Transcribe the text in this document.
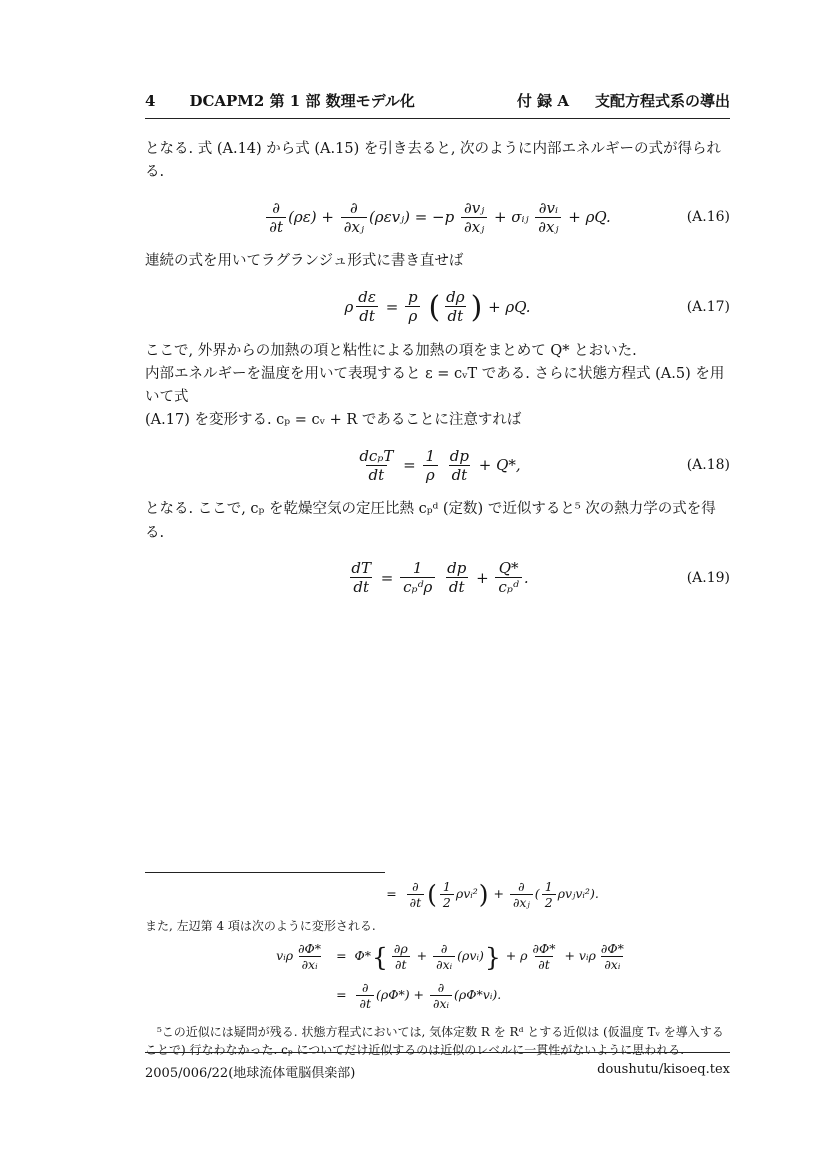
4 DCAPM2 第 1 部 数理モデル化	付 録 A 支配方程式系の導出

となる. 式 (A.14) から式 (A.15) を引き去ると, 次のように内部エネルギーの式が得られる.

$\frac{\partial}{\partial t} (\rho\varepsilon) + \frac{\partial}{\text{∂xⱼ}}$ (ρεvⱼ) = $-p \frac{\text{∂vⱼ}}{\text{∂xⱼ}}$ + σᵢⱼ $\frac{\text{∂vᵢ}}{\text{∂xⱼ}} + \rho Q$.	(A.16)

連続の式を用いてラグランジュ形式に書き直せば

ρ $\frac{d\varepsilon}{dt} = \frac{p}{\rho}$
( $\frac{d\rho}{dt}$ ) + ρQ.	(A.17)
ここで, 外界からの加熱の項と粘性による加熱の項をまとめて Q* とおいた.
内部エネルギーを温度を用いて表現すると ε = cᵥT である. さらに状態方程式 (A.5) を用いて式
(A.17) を変形する. cₚ = cᵥ + R であることに注意すれば
$\frac{\text{dcₚT}}{dt} = \frac{1}{\rho}$
$\frac{dp}{dt} + Q*$,	(A.18)

となる. ここで, cₚ を乾燥空気の定圧比熱 cₚᵈ (定数) で近似すると⁵ 次の熱力学の式を得る.

$\frac{dT}{dt} = \frac{1}{\text{cₚᵈρ}}$
$\frac{dp}{dt} + \frac{Q*}{\text{cₚᵈ}}$ .	(A.19)
= $\frac{\partial}{\partial t}$ ( $\frac{1}{2}$ ρvᵢ² ) + $\frac{\partial}{\text{∂xⱼ}}$ ( $\frac{1}{2}$ ρvⱼvᵢ²).
また, 左辺第 4 項は次のように変形される.
vᵢρ $\frac{\partial\Phi*}{\text{∂xᵢ}} = \Phi*$ { $\frac{\partial\rho}{\partial t} + \frac{\partial}{\text{∂xᵢ}}$ (ρvᵢ) } + ρ $\frac{\partial\Phi*}{\partial t}$ + vᵢρ $\frac{\partial\Phi*}{\text{∂xᵢ}}$
= $\frac{\partial}{\partial t} (\rho\Phi*) + \frac{\partial}{\text{∂xᵢ}}$ (ρΦ*vᵢ).
⁵この近似には疑問が残る. 状態方程式においては, 気体定数 R を Rᵈ とする近似は (仮温度 Tᵥ を導入することで) 行なわなかった. cₚ についてだけ近似するのは近似のレベルに一貫性がないように思われる.
2005/006/22(地球流体電脳倶楽部)	doushutu/kisoeq.tex
